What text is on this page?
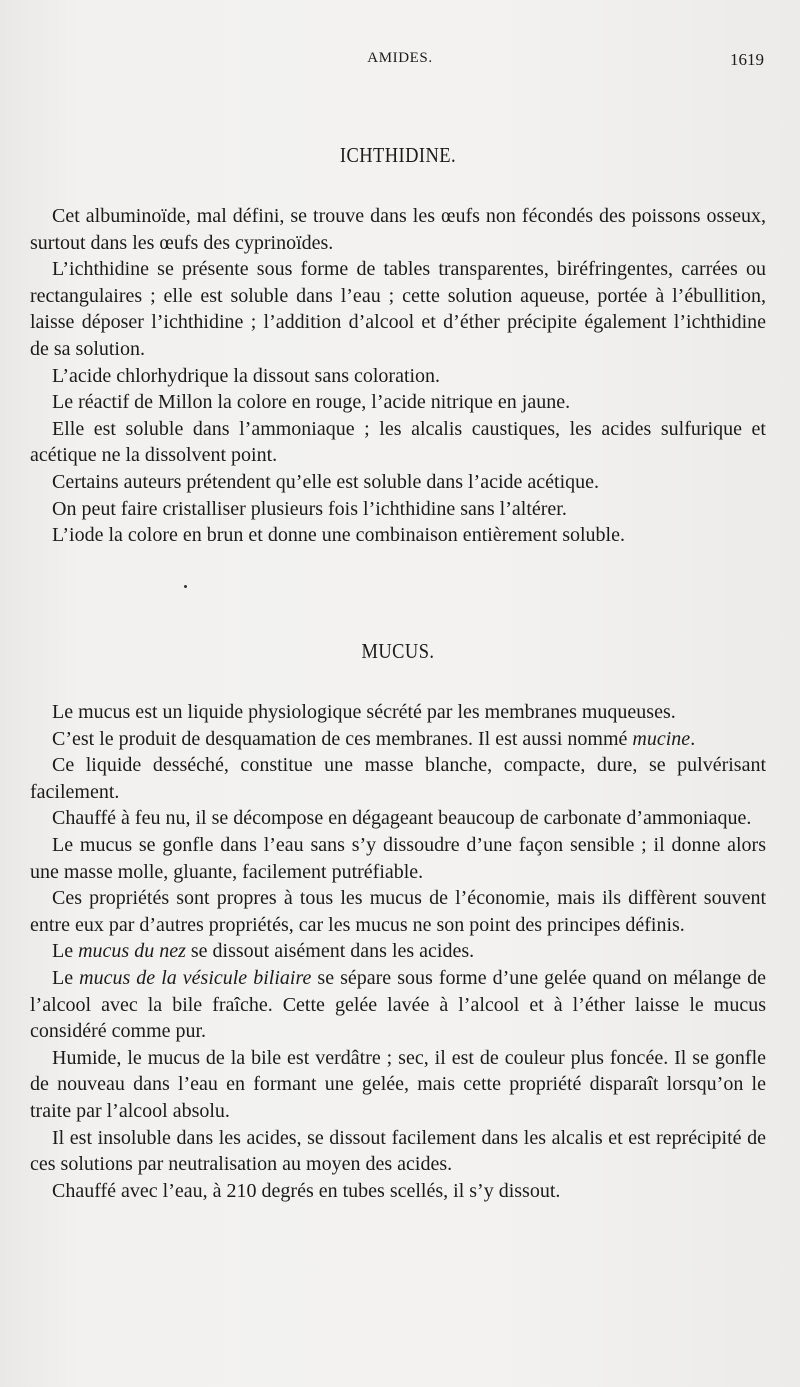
AMIDES.	1619
ICHTHIDINE.

Cet albuminoïde, mal défini, se trouve dans les œufs non fécondés des poissons osseux, surtout dans les œufs des cyprinoïdes.

L’ichthidine se présente sous forme de tables transparentes, biréfringentes, carrées ou rectangulaires ; elle est soluble dans l’eau ; cette solution aqueuse, portée à l’ébullition, laisse déposer l’ichthidine ; l’addition d’alcool et d’éther précipite également l’ichthidine de sa solution.

L’acide chlorhydrique la dissout sans coloration.

Le réactif de Millon la colore en rouge, l’acide nitrique en jaune.

Elle est soluble dans l’ammoniaque ; les alcalis caustiques, les acides sulfurique et acétique ne la dissolvent point.

Certains auteurs prétendent qu’elle est soluble dans l’acide acétique.

On peut faire cristalliser plusieurs fois l’ichthidine sans l’altérer.

L’iode la colore en brun et donne une combinaison entièrement soluble.

MUCUS.

Le mucus est un liquide physiologique sécrété par les membranes muqueuses.

C’est le produit de desquamation de ces membranes. Il est aussi nommé mucine.

Ce liquide desséché, constitue une masse blanche, compacte, dure, se pulvérisant facilement.

Chauffé à feu nu, il se décompose en dégageant beaucoup de carbonate d’ammoniaque.

Le mucus se gonfle dans l’eau sans s’y dissoudre d’une façon sensible ; il donne alors une masse molle, gluante, facilement putréfiable.

Ces propriétés sont propres à tous les mucus de l’économie, mais ils diffèrent souvent entre eux par d’autres propriétés, car les mucus ne son point des principes définis.

Le mucus du nez se dissout aisément dans les acides.

Le mucus de la vésicule biliaire se sépare sous forme d’une gelée quand on mélange de l’alcool avec la bile fraîche. Cette gelée lavée à l’alcool et à l’éther laisse le mucus considéré comme pur.

Humide, le mucus de la bile est verdâtre ; sec, il est de couleur plus foncée. Il se gonfle de nouveau dans l’eau en formant une gelée, mais cette propriété disparaît lorsqu’on le traite par l’alcool absolu.

Il est insoluble dans les acides, se dissout facilement dans les alcalis et est reprécipité de ces solutions par neutralisation au moyen des acides.

Chauffé avec l’eau, à 210 degrés en tubes scellés, il s’y dissout.
